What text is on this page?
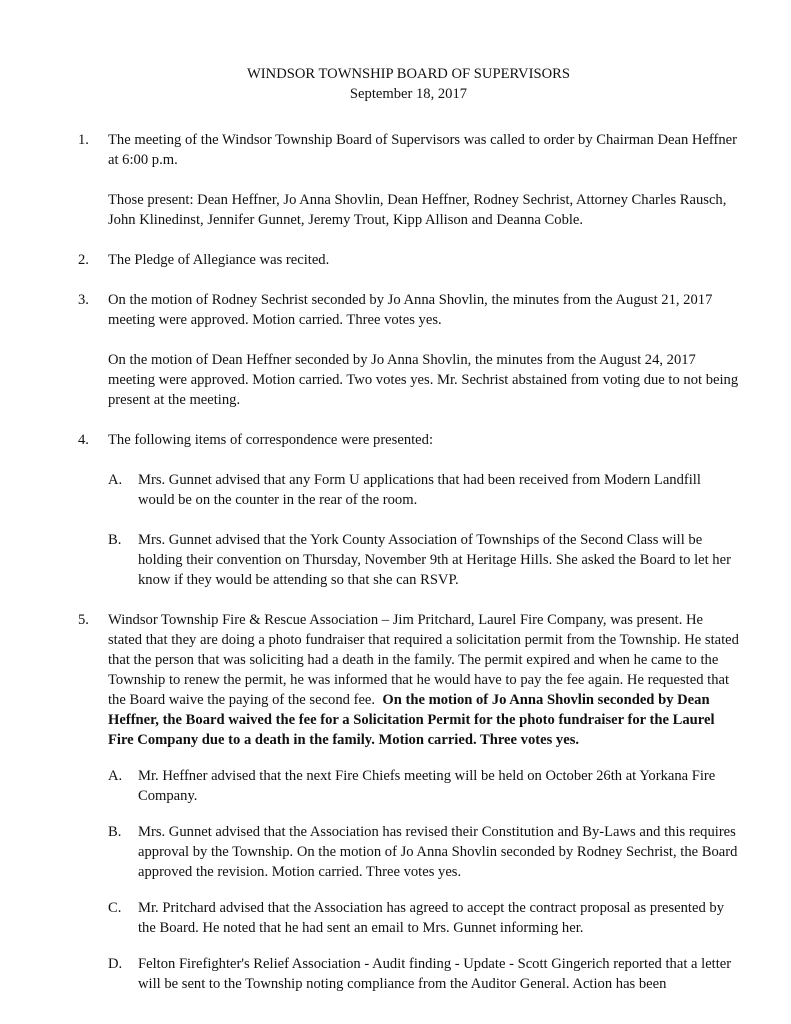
WINDSOR TOWNSHIP BOARD OF SUPERVISORS
September 18, 2017
1. The meeting of the Windsor Township Board of Supervisors was called to order by Chairman Dean Heffner at 6:00 p.m.

Those present: Dean Heffner, Jo Anna Shovlin, Dean Heffner, Rodney Sechrist, Attorney Charles Rausch, John Klinedinst, Jennifer Gunnet, Jeremy Trout, Kipp Allison and Deanna Coble.

2. The Pledge of Allegiance was recited.

3. On the motion of Rodney Sechrist seconded by Jo Anna Shovlin, the minutes from the August 21, 2017 meeting were approved. Motion carried. Three votes yes.

On the motion of Dean Heffner seconded by Jo Anna Shovlin, the minutes from the August 24, 2017 meeting were approved. Motion carried. Two votes yes. Mr. Sechrist abstained from voting due to not being present at the meeting.

4. The following items of correspondence were presented:

A. Mrs. Gunnet advised that any Form U applications that had been received from Modern Landfill would be on the counter in the rear of the room.

B. Mrs. Gunnet advised that the York County Association of Townships of the Second Class will be holding their convention on Thursday, November 9th at Heritage Hills. She asked the Board to let her know if they would be attending so that she can RSVP.

5. Windsor Township Fire & Rescue Association – Jim Pritchard, Laurel Fire Company, was present. He stated that they are doing a photo fundraiser that required a solicitation permit from the Township. He stated that the person that was soliciting had a death in the family. The permit expired and when he came to the Township to renew the permit, he was informed that he would have to pay the fee again. He requested that the Board waive the paying of the second fee. On the motion of Jo Anna Shovlin seconded by Dean Heffner, the Board waived the fee for a Solicitation Permit for the photo fundraiser for the Laurel Fire Company due to a death in the family. Motion carried. Three votes yes.

A. Mr. Heffner advised that the next Fire Chiefs meeting will be held on October 26th at Yorkana Fire Company.

B. Mrs. Gunnet advised that the Association has revised their Constitution and By-Laws and this requires approval by the Township. On the motion of Jo Anna Shovlin seconded by Rodney Sechrist, the Board approved the revision. Motion carried. Three votes yes.

C. Mr. Pritchard advised that the Association has agreed to accept the contract proposal as presented by the Board. He noted that he had sent an email to Mrs. Gunnet informing her.

D. Felton Firefighter's Relief Association - Audit finding - Update - Scott Gingerich reported that a letter will be sent to the Township noting compliance from the Auditor General. Action has been
